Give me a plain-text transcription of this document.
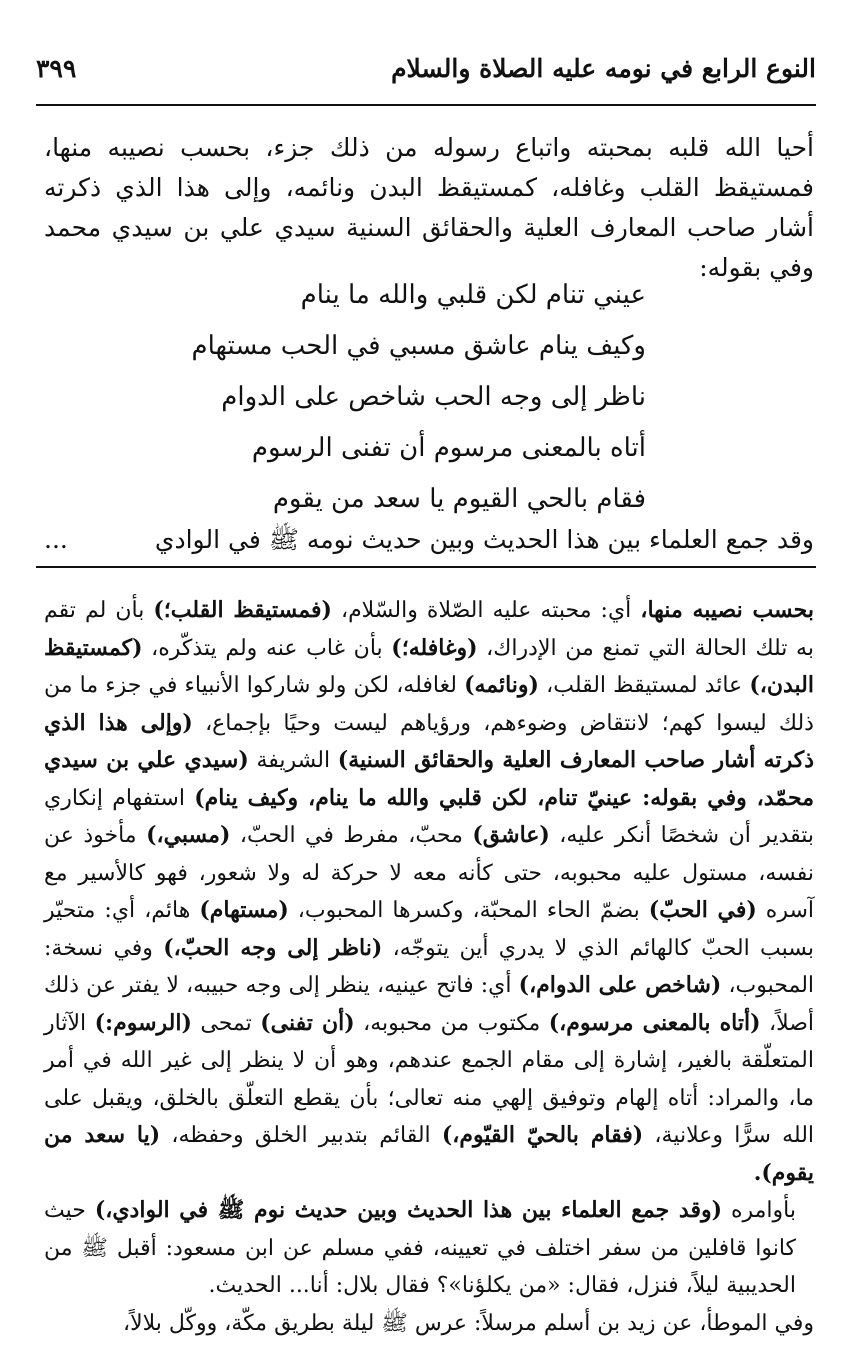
النوع الرابع في نومه عليه الصلاة والسلام
٣٩٩

أحيا الله قلبه بمحبته واتباع رسوله من ذلك جزء، بحسب نصيبه منها، فمستيقظ القلب وغافله، كمستيقظ البدن ونائمه، وإلى هذا الذي ذكرته أشار صاحب المعارف العلية والحقائق السنية سيدي علي بن سيدي محمد وفي بقوله:

عيني تنام لكن قلبي والله ما ينام
وكيف ينام عاشق مسبي في الحب مستهام
ناظر إلى وجه الحب شاخص على الدوام
أتاه بالمعنى مرسوم أن تفنى الرسوم
فقام بالحي القيوم يا سعد من يقوم
وقد جمع العلماء بين هذا الحديث وبين حديث نومه ﷺ في الوادي
...

بحسب نصيبه منها، أي: محبته عليه الصّلاة والسّلام، (فمستيقظ القلب؛) بأن لم تقم به تلك الحالة التي تمنع من الإدراك، (وغافله؛) بأن غاب عنه ولم يتذكّره، (كمستيقظ البدن،) عائد لمستيقظ القلب، (ونائمه) لغافله، لكن ولو شاركوا الأنبياء في جزء ما من ذلك ليسوا كهم؛ لانتقاض وضوءهم، ورؤياهم ليست وحيًا بإجماع، (وإلى هذا الذي ذكرته أشار صاحب المعارف العلية والحقائق السنية) الشريفة (سيدي علي بن سيدي محمّد، وفي بقوله: عينيّ تنام، لكن قلبي والله ما ينام، وكيف ينام) استفهام إنكاري بتقدير أن شخصًا أنكر عليه، (عاشق) محبّ، مفرط في الحبّ، (مسبي،) مأخوذ عن نفسه، مستول عليه محبوبه، حتى كأنه معه لا حركة له ولا شعور، فهو كالأسير مع آسره (في الحبّ) بضمّ الحاء المحبّة، وكسرها المحبوب، (مستهام) هائم، أي: متحيّر بسبب الحبّ كالهائم الذي لا يدري أين يتوجّه، (ناظر إلى وجه الحبّ،) وفي نسخة: المحبوب، (شاخص على الدوام،) أي: فاتح عينيه، ينظر إلى وجه حبيبه، لا يفتر عن ذلك أصلاً، (أتاه بالمعنى مرسوم،) مكتوب من محبوبه، (أن تفنى) تمحى (الرسوم:) الآثار المتعلّقة بالغير، إشارة إلى مقام الجمع عندهم، وهو أن لا ينظر إلى غير الله في أمر ما، والمراد: أتاه إلهام وتوفيق إلهي منه تعالى؛ بأن يقطع التعلّق بالخلق، ويقبل على الله سرًّا وعلانية، (فقام بالحيّ القيّوم،) القائم بتدبير الخلق وحفظه، (يا سعد من يقوم).

بأوامره (وقد جمع العلماء بين هذا الحديث وبين حديث نوم ﷺ في الوادي،) حيث كانوا قافلين من سفر اختلف في تعيينه، ففي مسلم عن ابن مسعود: أقبل ﷺ من الحديبية ليلاً، فنزل، فقال: «من يكلؤنا»؟ فقال بلال: أنا... الحديث.

وفي الموطأ، عن زيد بن أسلم مرسلاً: عرس ﷺ ليلة بطريق مكّة، ووكّل بلالاً،
